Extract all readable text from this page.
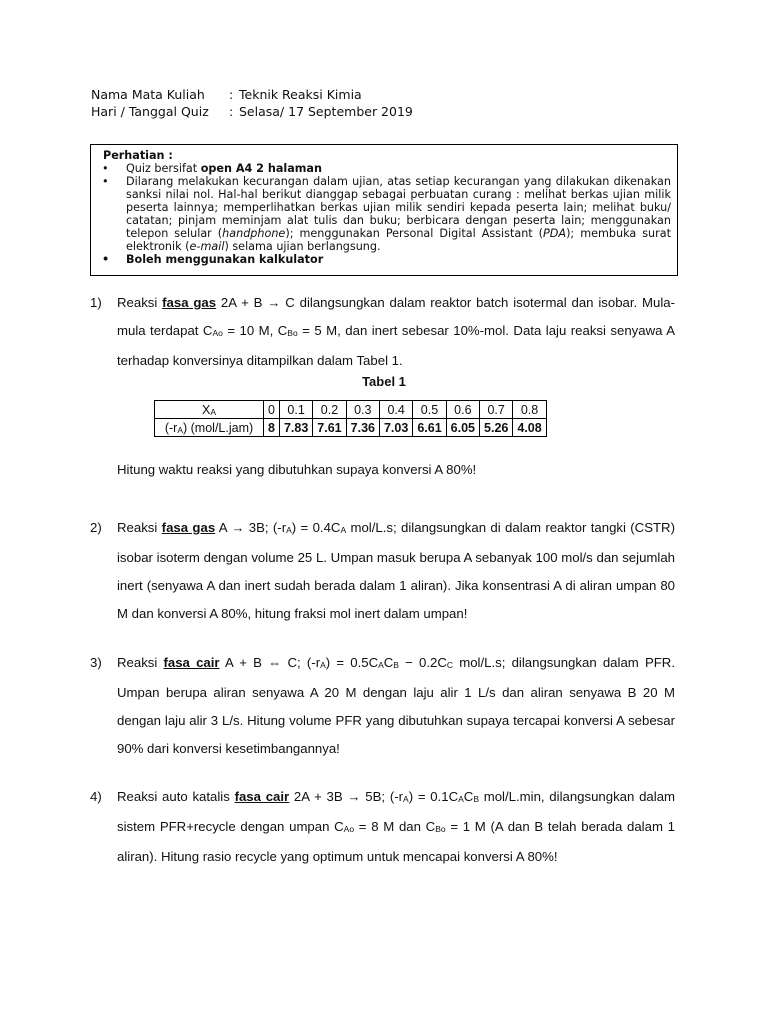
Nama Mata Kuliah	: Teknik Reaksi Kimia
Hari / Tanggal Quiz	: Selasa/ 17 September 2019
Perhatian :
• Quiz bersifat open A4 2 halaman
• Dilarang melakukan kecurangan dalam ujian, atas setiap kecurangan yang dilakukan dikenakan sanksi nilai nol. Hal-hal berikut dianggap sebagai perbuatan curang : melihat berkas ujian milik peserta lainnya; memperlihatkan berkas ujian milik sendiri kepada peserta lain; melihat buku/ catatan; pinjam meminjam alat tulis dan buku; berbicara dengan peserta lain; menggunakan telepon selular (handphone); menggunakan Personal Digital Assistant (PDA); membuka surat elektronik (e-mail) selama ujian berlangsung.
• Boleh menggunakan kalkulator
1)	Reaksi fasa gas 2A + B → C dilangsungkan dalam reaktor batch isotermal dan isobar. Mula-mula terdapat $C_{Ao} = 10$ M, $C_{Bo} = 5$ M, dan inert sebesar 10%-mol. Data laju reaksi senyawa A terhadap konversinya ditampilkan dalam Tabel 1.
Tabel 1
$X_A$	0	0.1	0.2	0.3	0.4	0.5	0.6	0.7	0.8
$(-r_A)$ (mol/L.jam)	8	7.83	7.61	7.36	7.03	6.61	6.05	5.26	4.08
Hitung waktu reaksi yang dibutuhkan supaya konversi A 80%!
2)	Reaksi fasa gas A → 3B; $(-r_A) = 0.4C_A$ mol/L.s; dilangsungkan di dalam reaktor tangki (CSTR) isobar isoterm dengan volume 25 L. Umpan masuk berupa A sebanyak 100 mol/s dan sejumlah inert (senyawa A dan inert sudah berada dalam 1 aliran). Jika konsentrasi A di aliran umpan 80 M dan konversi A 80%, hitung fraksi mol inert dalam umpan!
3)	Reaksi fasa cair A + B ⇔ C; $(-r_A) = 0.5C_AC_B - 0.2C_C$ mol/L.s; dilangsungkan dalam PFR. Umpan berupa aliran senyawa A 20 M dengan laju alir 1 L/s dan aliran senyawa B 20 M dengan laju alir 3 L/s. Hitung volume PFR yang dibutuhkan supaya tercapai konversi A sebesar 90% dari konversi kesetimbangannya!
4)	Reaksi auto katalis fasa cair 2A + 3B → 5B; $(-r_A) = 0.1C_AC_B$ mol/L.min, dilangsungkan dalam sistem PFR+recycle dengan umpan $C_{Ao} = 8$ M dan $C_{Bo} = 1$ M (A dan B telah berada dalam 1 aliran). Hitung rasio recycle yang optimum untuk mencapai konversi A 80%!
